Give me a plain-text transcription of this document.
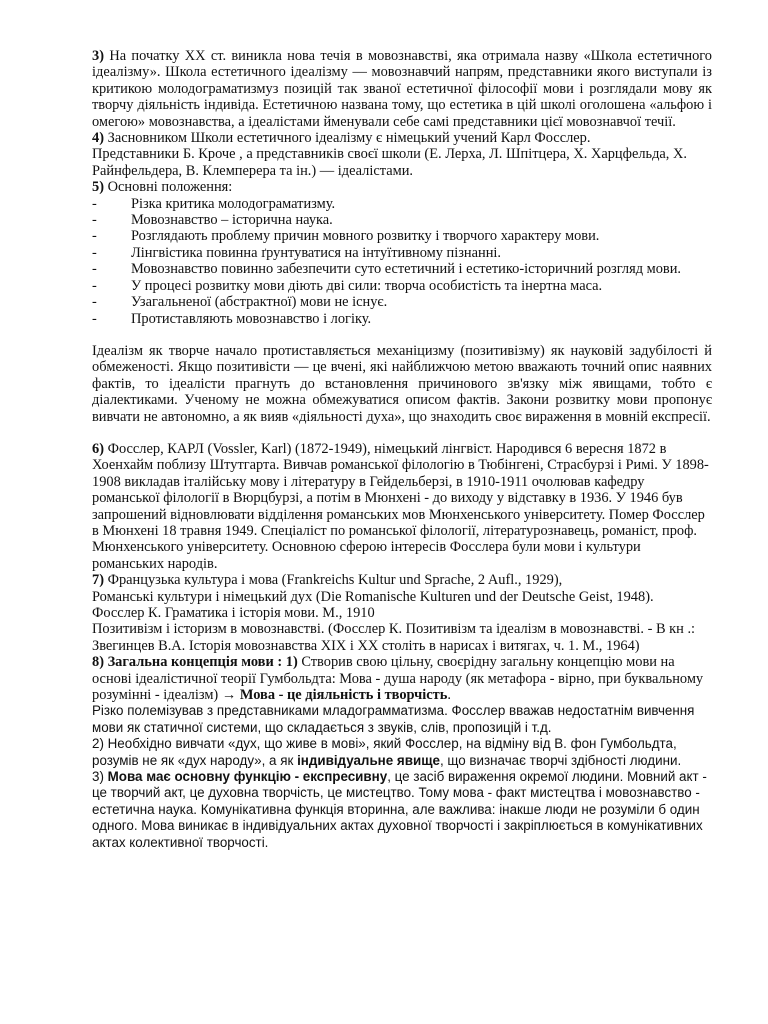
3) На початку XX ст. виникла нова течія в мовознавстві, яка отримала назву «Школа естетичного ідеалізму». Школа естетичного ідеалізму — мовознавчий напрям, представники якого виступали із критикою молодограматизмуз позицій так званої естетичної філософії мови і розглядали мову як творчу діяльність індивіда. Естетичною названа тому, що естетика в цій школі оголошена «альфою і омегою» мовознавства, а ідеалістами йменували себе самі представники цієї мовознавчої течії.

4) Засновником Школи естетичного ідеалізму є німецький учений Карл Фосслер.

Представники Б. Кроче , а представників своєї школи (Е. Лерха, Л. Шпітцера, Х. Харцфельда, Х. Райнфельдера, В. Клемперера та ін.) — ідеалістами.

5) Основні положення:

-	Різка критика молодограматизму.
-	Мовознавство – історична наука.
-	Розглядають проблему причин мовного розвитку і творчого характеру мови.
-	Лінгвістика повинна ґрунтуватися на інтуїтивному пізнанні.
- Мовознавство повинно забезпечити суто естетичний і естетико-історичний розгляд мови.
-	У процесі розвитку мови діють дві сили: творча особистість та інертна маса.
-	Узагальненої (абстрактної) мови не існує.
-	Протиставляють мовознавство і логіку.

Ідеалізм як творче начало протиставляється механіцизму (позитивізму) як науковій задубілості й обмеженості. Якщо позитивісти — це вчені, які найближчою метою вважають точний опис наявних фактів, то ідеалісти прагнуть до встановлення причинового зв'язку між явищами, тобто є діалектиками. Ученому не можна обмежуватися описом фактів. Закони розвитку мови пропонує вивчати не автономно, а як вияв «діяльності духа», що знаходить своє вираження в мовній експресії.

6) Фосслер, КАРЛ (Vossler, Karl) (1872-1949), німецький лінгвіст. Народився 6 вересня 1872 в Хоенхайм поблизу Штутгарта. Вивчав романської філологію в Тюбінгені, Страсбурзі і Римі. У 1898-1908 викладав італійську мову і літературу в Гейдельберзі, в 1910-1911 очолював кафедру романської філології в Вюрцбурзі, а потім в Мюнхені - до виходу у відставку в 1936. У 1946 був запрошений відновлювати відділення романських мов Мюнхенського університету. Помер Фосслер в Мюнхені 18 травня 1949. Спеціаліст по романської філології, літературознавець, романіст, проф. Мюнхенського університету. Основною сферою інтересів Фосслера були мови і культури романських народів.

7) Французька культура і мова (Frankreichs Kultur und Sprache, 2 Aufl., 1929),

Романські культури і німецький дух (Die Romanische Kulturen und der Deutsche Geist, 1948).

Фосслер К. Граматика і історія мови. М., 1910

Позитивізм і історизм в мовознавстві. (Фосслер К. Позитивізм та ідеалізм в мовознавстві. - В кн .: Звегинцев В.А. Історія мовознавства XIX і XX століть в нарисах і витягах, ч. 1. М., 1964)

8) Загальна концепція мови : 1) Створив свою цільну, своєрідну загальну концепцію мови на основі ідеалістичної теорії Гумбольдта: Мова - душа народу (як метафора - вірно, при буквальному розумінні - ідеалізм) → Мова - це діяльність і творчість.

Різко полемізував з представниками младограмматизма. Фосслер вважав недостатнім вивчення мови як статичної системи, що складається з звуків, слів, пропозицій і т.д.

2) Необхідно вивчати «дух, що живе в мові», який Фосслер, на відміну від В. фон Гумбольдта, розумів не як «дух народу», а як індивідуальне явище, що визначає творчі здібності людини.

3) Мова має основну функцію - експресивну, це засіб вираження окремої людини. Мовний акт - це творчий акт, це духовна творчість, це мистецтво. Тому мова - факт мистецтва і мовознавство - естетична наука. Комунікативна функція вторинна, але важлива: інакше люди не розуміли б один одного. Мова виникає в індивідуальних актах духовної творчості і закріплюється в комунікативних актах колективної творчості.
